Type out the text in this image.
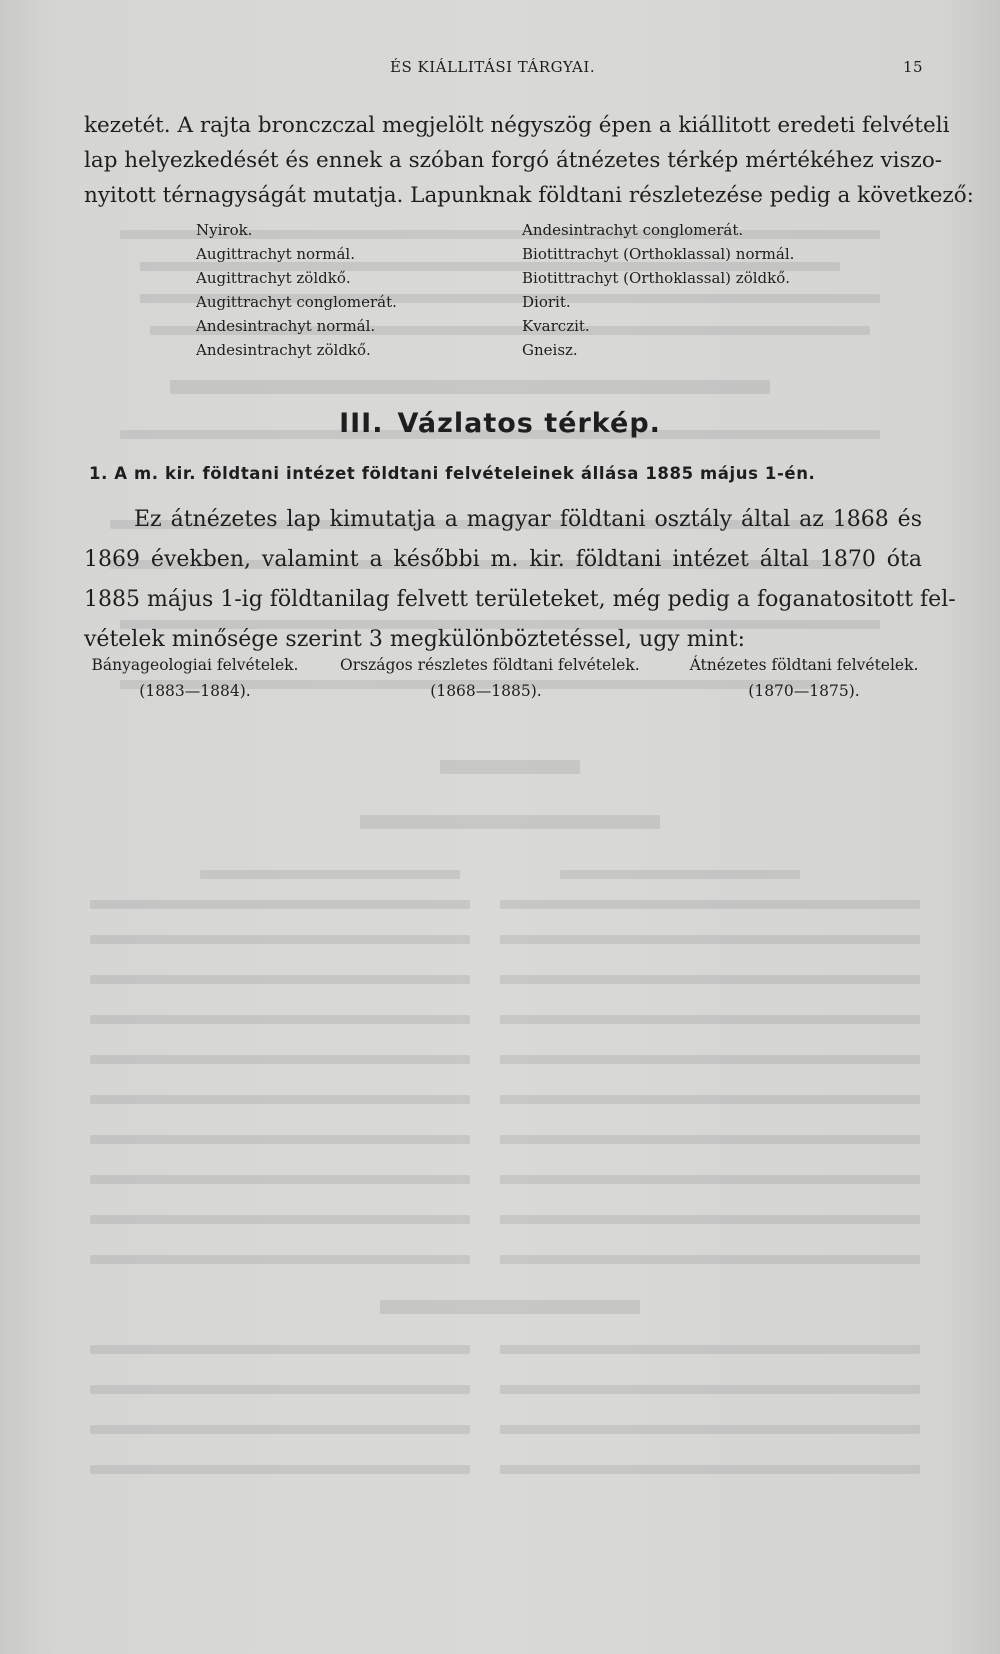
ÉS KIÁLLITÁSI TÁRGYAI.	15
kezetét. A rajta bronczczal megjelölt négyszög épen a kiállitott eredeti felvételi
lap helyezkedését és ennek a szóban forgó átnézetes térkép mértékéhez viszo-
nyitott térnagyságát mutatja. Lapunknak földtani részletezése pedig a következő:
Nyirok.
Augittrachyt normál.
Augittrachyt zöldkő.
Augittrachyt conglomerát.
Andesintrachyt normál.
Andesintrachyt zöldkő.
Andesintrachyt conglomerát.
Biotittrachyt (Orthoklassal) normál.
Biotittrachyt (Orthoklassal) zöldkő.
Diorit.
Kvarczit.
Gneisz.
III. Vázlatos térkép.
1. A m. kir. földtani intézet földtani felvételeinek állása 1885 május 1-én.
Ez átnézetes lap kimutatja a magyar földtani osztály által az 1868 és
1869 években, valamint a későbbi m. kir. földtani intézet által 1870 óta
1885 május 1-ig földtanilag felvett területeket, még pedig a foganatositott fel-
vételek minősége szerint 3 megkülönböztetéssel, ugy mint:
Bányageologiai felvételek.
(1883—1884).
Országos részletes földtani felvételek.
(1868—1885).
Átnézetes földtani felvételek.
(1870—1875).
